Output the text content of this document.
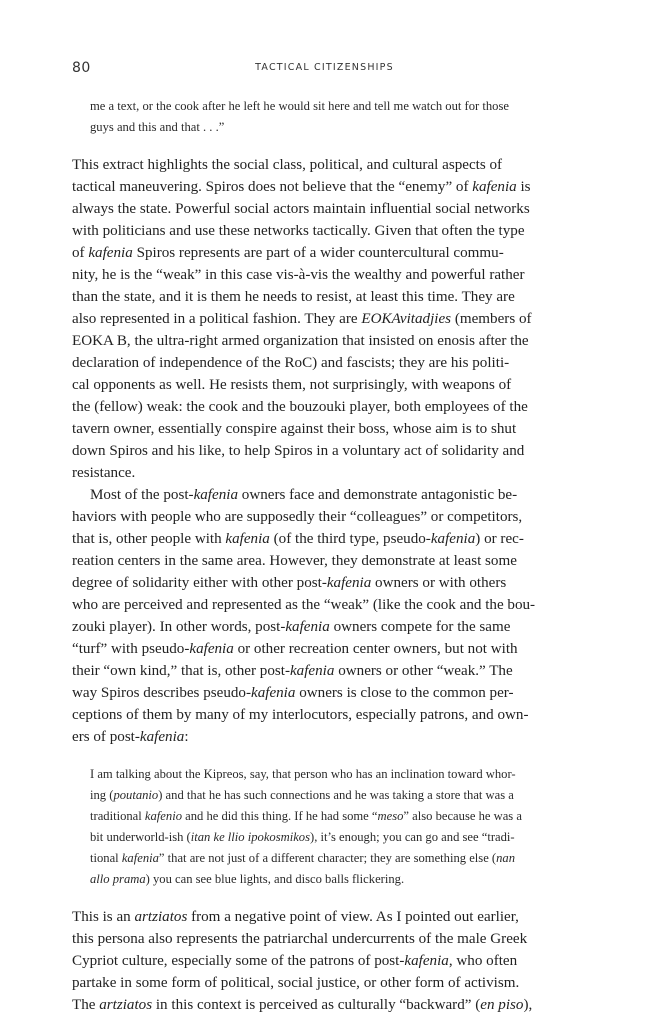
80	TACTICAL CITIZENSHIPS
me a text, or the cook after he left he would sit here and tell me watch out for those
guys and this and that . . .”
This extract highlights the social class, political, and cultural aspects of
tactical maneuvering. Spiros does not believe that the “enemy” of kafenia is
always the state. Powerful social actors maintain influential social networks
with politicians and use these networks tactically. Given that often the type
of kafenia Spiros represents are part of a wider countercultural commu-
nity, he is the “weak” in this case vis-à-vis the wealthy and powerful rather
than the state, and it is them he needs to resist, at least this time. They are
also represented in a political fashion. They are EOKAvitadjies (members of
EOKA B, the ultra-right armed organization that insisted on enosis after the
declaration of independence of the RoC) and fascists; they are his politi-
cal opponents as well. He resists them, not surprisingly, with weapons of
the (fellow) weak: the cook and the bouzouki player, both employees of the
tavern owner, essentially conspire against their boss, whose aim is to shut
down Spiros and his like, to help Spiros in a voluntary act of solidarity and
resistance.
Most of the post-kafenia owners face and demonstrate antagonistic be-
haviors with people who are supposedly their “colleagues” or competitors,
that is, other people with kafenia (of the third type, pseudo-kafenia) or rec-
reation centers in the same area. However, they demonstrate at least some
degree of solidarity either with other post-kafenia owners or with others
who are perceived and represented as the “weak” (like the cook and the bou-
zouki player). In other words, post-kafenia owners compete for the same
“turf” with pseudo-kafenia or other recreation center owners, but not with
their “own kind,” that is, other post-kafenia owners or other “weak.” The
way Spiros describes pseudo-kafenia owners is close to the common per-
ceptions of them by many of my interlocutors, especially patrons, and own-
ers of post-kafenia:
I am talking about the Kipreos, say, that person who has an inclination toward whor-
ing (poutanio) and that he has such connections and he was taking a store that was a
traditional kafenio and he did this thing. If he had some “meso” also because he was a
bit underworld-ish (itan ke llio ipokosmikos), it’s enough; you can go and see “tradi-
tional kafenia” that are not just of a different character; they are something else (nan
allo prama) you can see blue lights, and disco balls flickering.
This is an artziatos from a negative point of view. As I pointed out earlier,
this persona also represents the patriarchal undercurrents of the male Greek
Cypriot culture, especially some of the patrons of post-kafenia, who often
partake in some form of political, social justice, or other form of activism.
The artziatos in this context is perceived as culturally “backward” (en piso),
